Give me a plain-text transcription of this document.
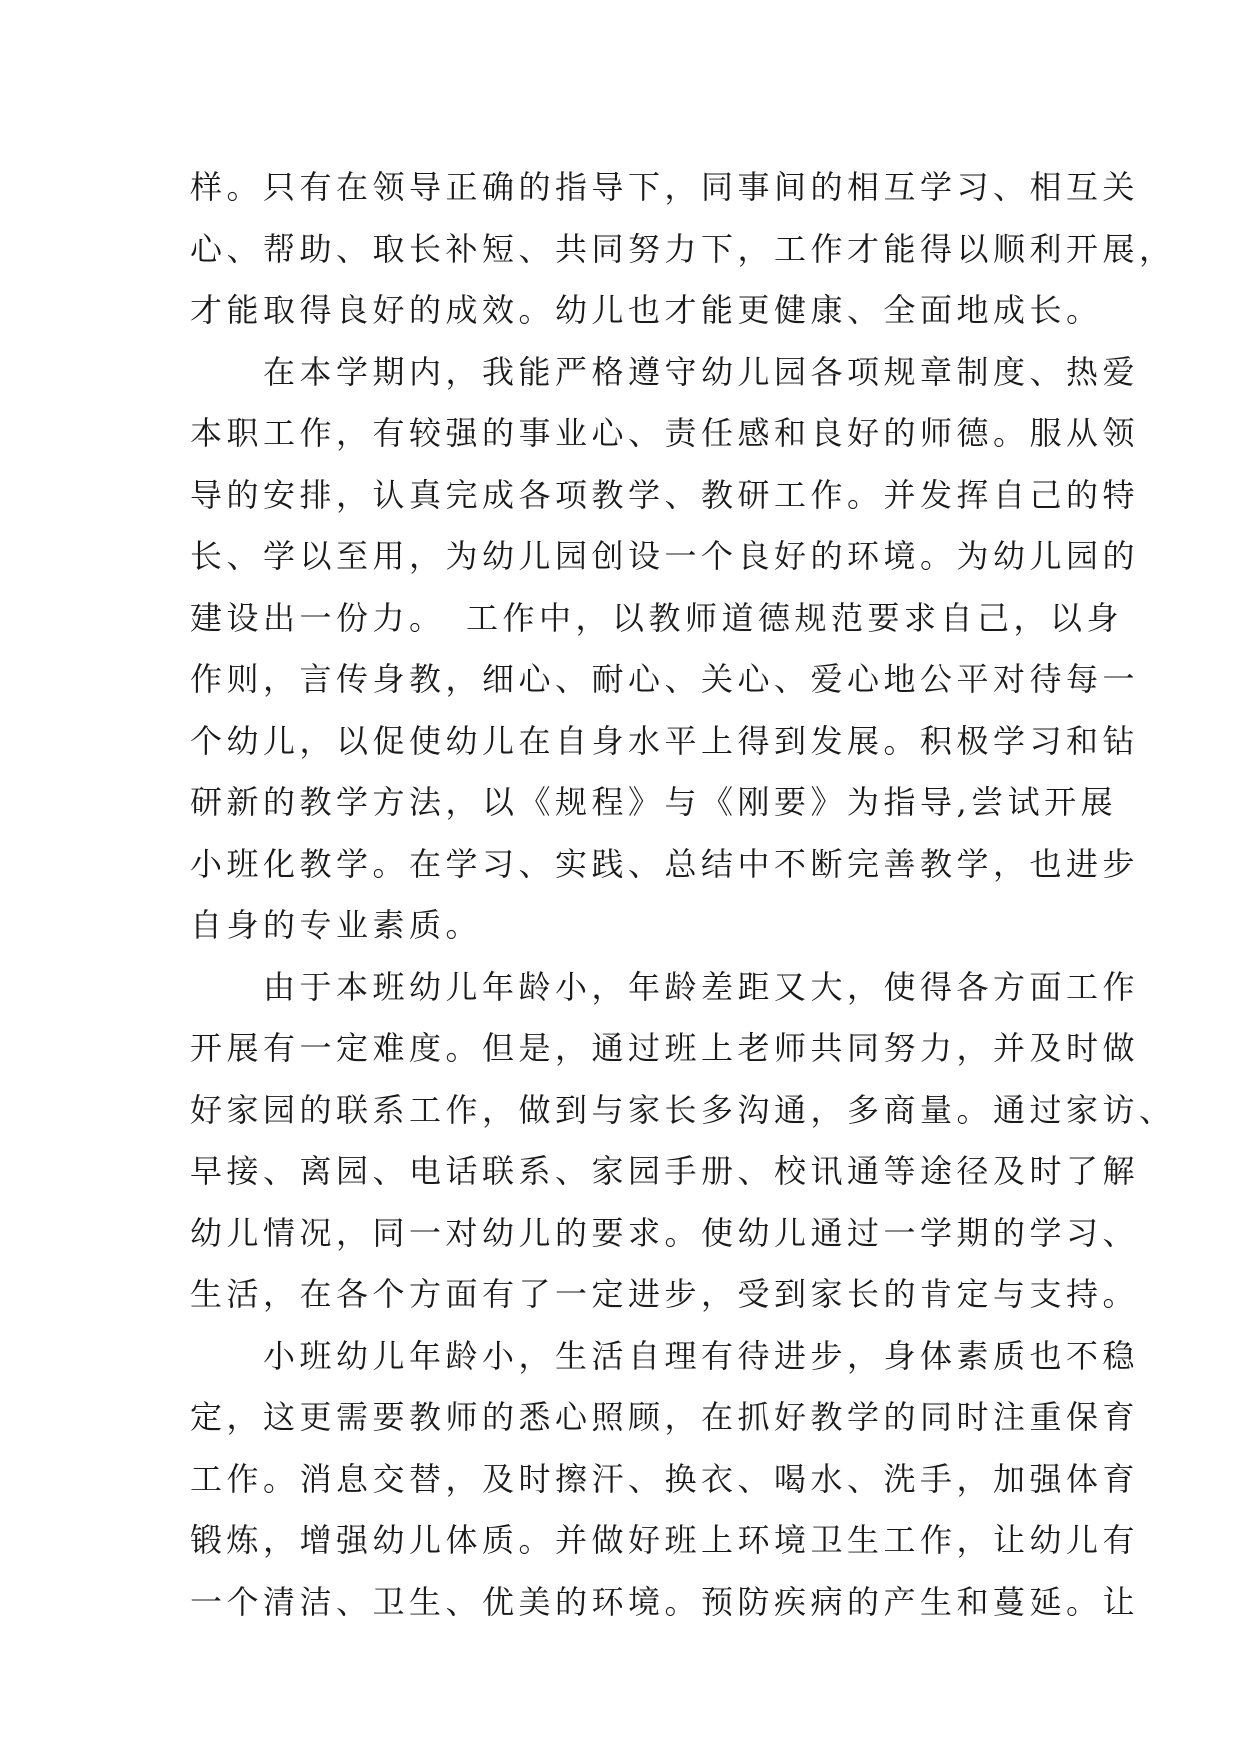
样。只有在领导正确的指导下，同事间的相互学习、相互关
心、帮助、取长补短、共同努力下，工作才能得以顺利开展，
才能取得良好的成效。幼儿也才能更健康、全面地成长。
　　在本学期内，我能严格遵守幼儿园各项规章制度、热爱
本职工作，有较强的事业心、责任感和良好的师德。服从领
导的安排，认真完成各项教学、教研工作。并发挥自己的特
长、学以至用，为幼儿园创设一个良好的环境。为幼儿园的
建设出一份力。　工作中，以教师道德规范要求自己，以身
作则，言传身教，细心、耐心、关心、爱心地公平对待每一
个幼儿，以促使幼儿在自身水平上得到发展。积极学习和钻
研新的教学方法，以《规程》与《刚要》为指导,尝试开展
小班化教学。在学习、实践、总结中不断完善教学，也进步
自身的专业素质。
　　由于本班幼儿年龄小，年龄差距又大，使得各方面工作
开展有一定难度。但是，通过班上老师共同努力，并及时做
好家园的联系工作，做到与家长多沟通，多商量。通过家访、
早接、离园、电话联系、家园手册、校讯通等途径及时了解
幼儿情况，同一对幼儿的要求。使幼儿通过一学期的学习、
生活，在各个方面有了一定进步，受到家长的肯定与支持。
　　小班幼儿年龄小，生活自理有待进步，身体素质也不稳
定，这更需要教师的悉心照顾，在抓好教学的同时注重保育
工作。消息交替，及时擦汗、换衣、喝水、洗手，加强体育
锻炼，增强幼儿体质。并做好班上环境卫生工作，让幼儿有
一个清洁、卫生、优美的环境。预防疾病的产生和蔓延。让
